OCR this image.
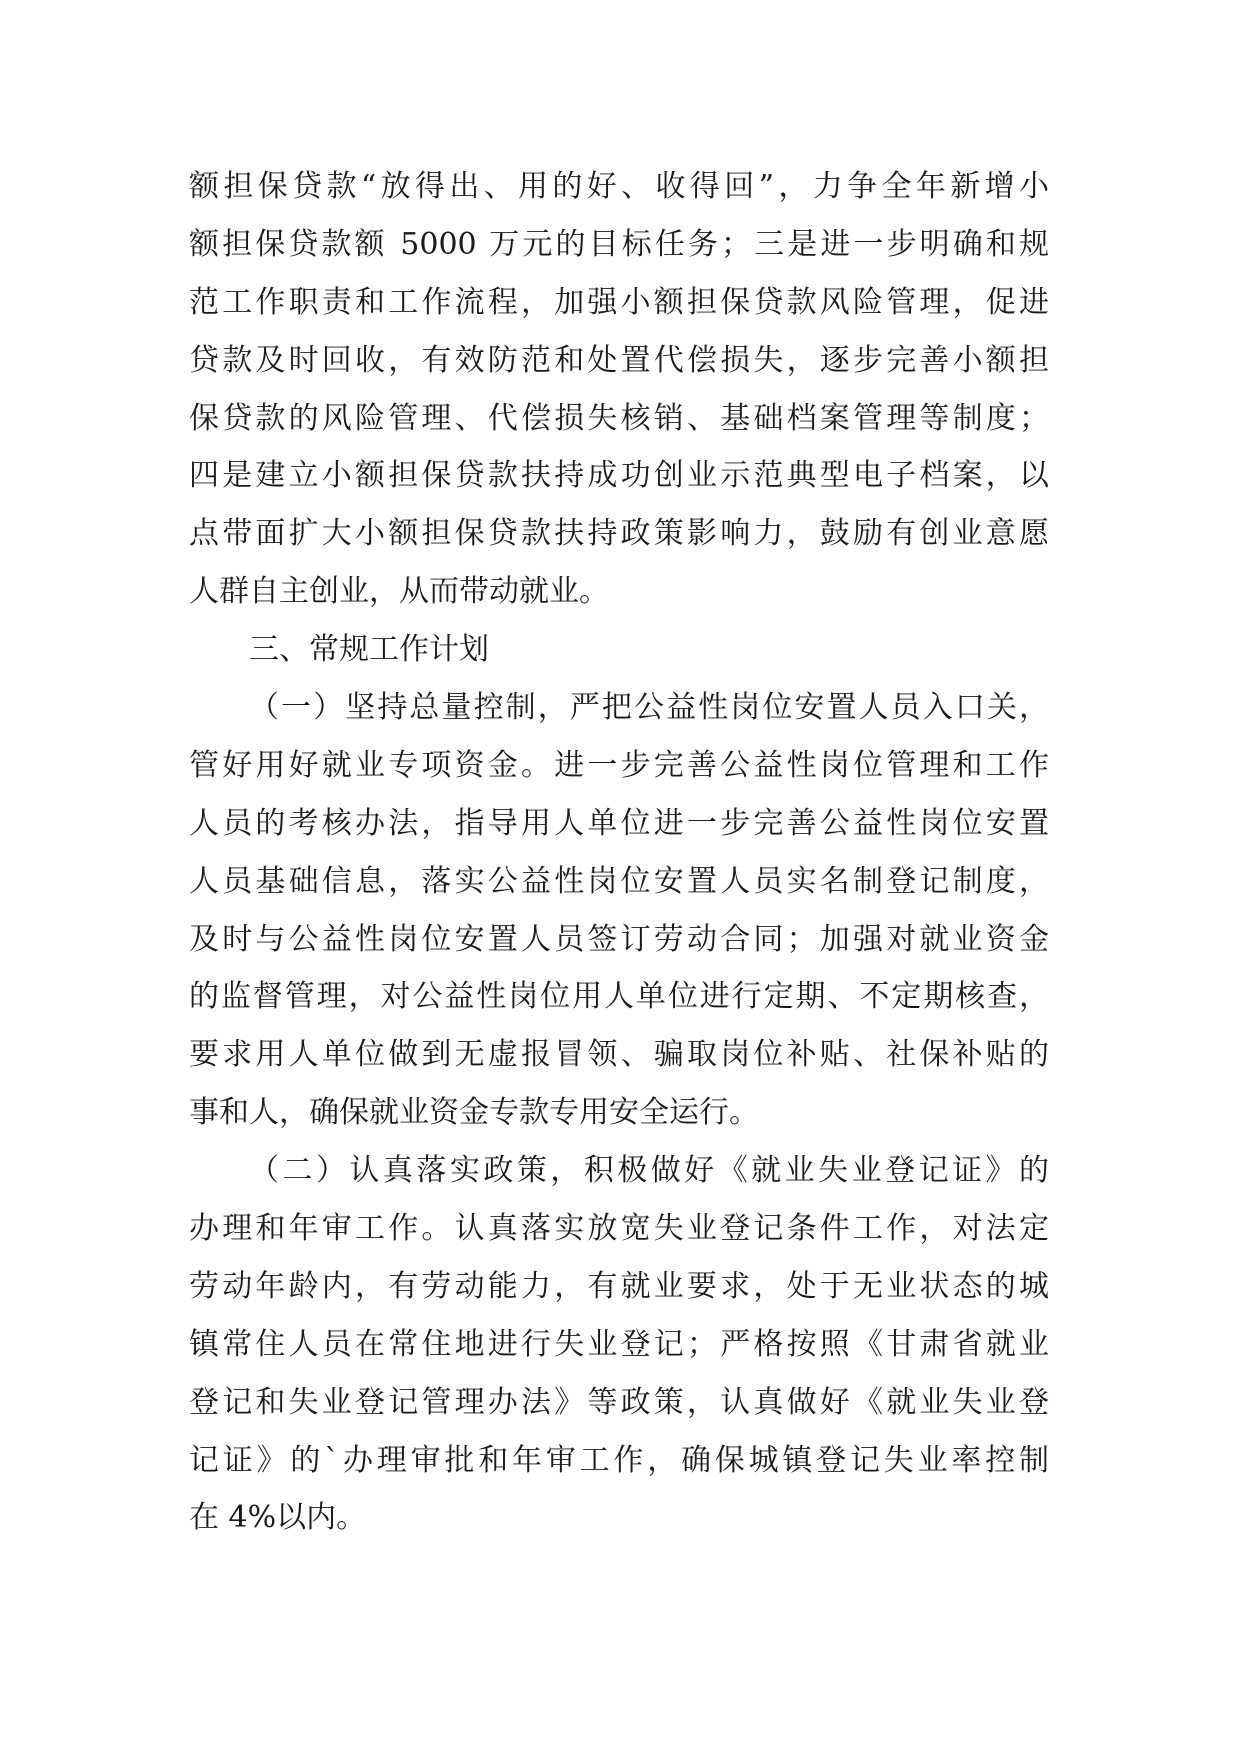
额担保贷款“放得出、用的好、收得回”，力争全年新增小
额担保贷款额 5000 万元的目标任务；三是进一步明确和规
范工作职责和工作流程，加强小额担保贷款风险管理，促进
贷款及时回收，有效防范和处置代偿损失，逐步完善小额担
保贷款的风险管理、代偿损失核销、基础档案管理等制度；
四是建立小额担保贷款扶持成功创业示范典型电子档案，以
点带面扩大小额担保贷款扶持政策影响力，鼓励有创业意愿
人群自主创业，从而带动就业。
三、常规工作计划
（一）坚持总量控制，严把公益性岗位安置人员入口关，
管好用好就业专项资金。进一步完善公益性岗位管理和工作
人员的考核办法，指导用人单位进一步完善公益性岗位安置
人员基础信息，落实公益性岗位安置人员实名制登记制度，
及时与公益性岗位安置人员签订劳动合同；加强对就业资金
的监督管理，对公益性岗位用人单位进行定期、不定期核查，
要求用人单位做到无虚报冒领、骗取岗位补贴、社保补贴的
事和人，确保就业资金专款专用安全运行。
（二）认真落实政策，积极做好《就业失业登记证》的
办理和年审工作。认真落实放宽失业登记条件工作，对法定
劳动年龄内，有劳动能力，有就业要求，处于无业状态的城
镇常住人员在常住地进行失业登记；严格按照《甘肃省就业
登记和失业登记管理办法》等政策，认真做好《就业失业登
记证》的`办理审批和年审工作，确保城镇登记失业率控制
在 4%以内。
